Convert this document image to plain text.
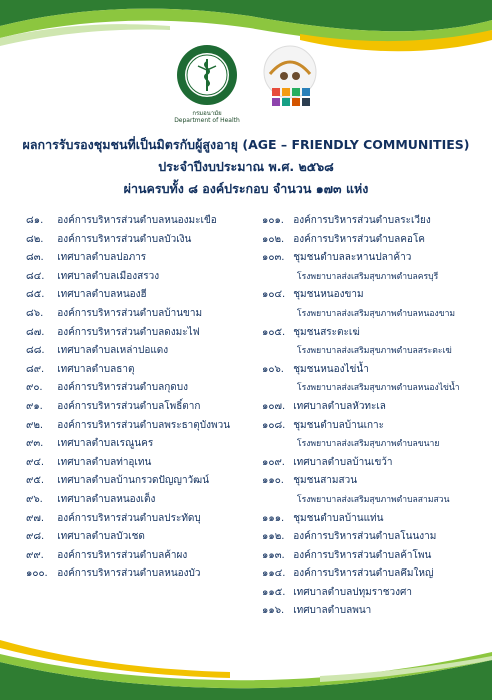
กรมอนามัย
Department of Health
ผลการรับรองชุมชนที่เป็นมิตรกับผู้สูงอายุ (AGE – FRIENDLY COMMUNITIES)
ประจำปีงบประมาณ พ.ศ. ๒๕๖๘
ผ่านครบทั้ง ๘ องค์ประกอบ จำนวน ๑๗๓ แห่ง
๘๑. องค์การบริหารส่วนตำบลหนองมะเขือ
๘๒. องค์การบริหารส่วนตำบลบัวเงิน
๘๓. เทศบาลตำบลปอภาร
๘๔. เทศบาลตำบลเมืองสรวง
๘๕. เทศบาลตำบลหนองฮี
๘๖. องค์การบริหารส่วนตำบลบ้านขาม
๘๗. องค์การบริหารส่วนตำบลดงมะไฟ
๘๘. เทศบาลตำบลเหล่าปอแดง
๘๙. เทศบาลตำบลธาตุ
๙๐. องค์การบริหารส่วนตำบลกุดบง
๙๑. องค์การบริหารส่วนตำบลโพธิ์ตาก
๙๒. องค์การบริหารส่วนตำบลพระธาตุบังพวน
๙๓. เทศบาลตำบลเรณูนคร
๙๔. เทศบาลตำบลท่าอุเทน
๙๕. เทศบาลตำบลบ้านกรวดปัญญาวัฒน์
๙๖. เทศบาลตำบลหนองเต็ง
๙๗. องค์การบริหารส่วนตำบลประทัดบุ
๙๘. เทศบาลตำบลบัวเชด
๙๙. องค์การบริหารส่วนตำบลค้าผง
๑๐๐. องค์การบริหารส่วนตำบลหนองบัว
๑๐๑. องค์การบริหารส่วนตำบลระเวียง
๑๐๒. องค์การบริหารส่วนตำบลคอโค
๑๐๓. ชุมชนตำบลละหานปลาค้าว
โรงพยาบาลส่งเสริมสุขภาพตำบลครบุรี
๑๐๔. ชุมชนหนองขาม
โรงพยาบาลส่งเสริมสุขภาพตำบลหนองขาม
๑๐๕. ชุมชนสระตะเฆ่
โรงพยาบาลส่งเสริมสุขภาพตำบลสระตะเฆ่
๑๐๖. ชุมชนหนองไข่น้ำ
โรงพยาบาลส่งเสริมสุขภาพตำบลหนองไข่น้ำ
๑๐๗. เทศบาลตำบลหัวทะเล
๑๐๘. ชุมชนตำบลบ้านเกาะ
โรงพยาบาลส่งเสริมสุขภาพตำบลขนาย
๑๐๙. เทศบาลตำบลบ้านเขว้า
๑๑๐. ชุมชนสามสวน
โรงพยาบาลส่งเสริมสุขภาพตำบลสามสวน
๑๑๑. ชุมชนตำบลบ้านแท่น
๑๑๒. องค์การบริหารส่วนตำบลโนนงาม
๑๑๓. องค์การบริหารส่วนตำบลค้าโพน
๑๑๔. องค์การบริหารส่วนตำบลคึมใหญ่
๑๑๕. เทศบาลตำบลปทุมราชวงศา
๑๑๖. เทศบาลตำบลพนา
